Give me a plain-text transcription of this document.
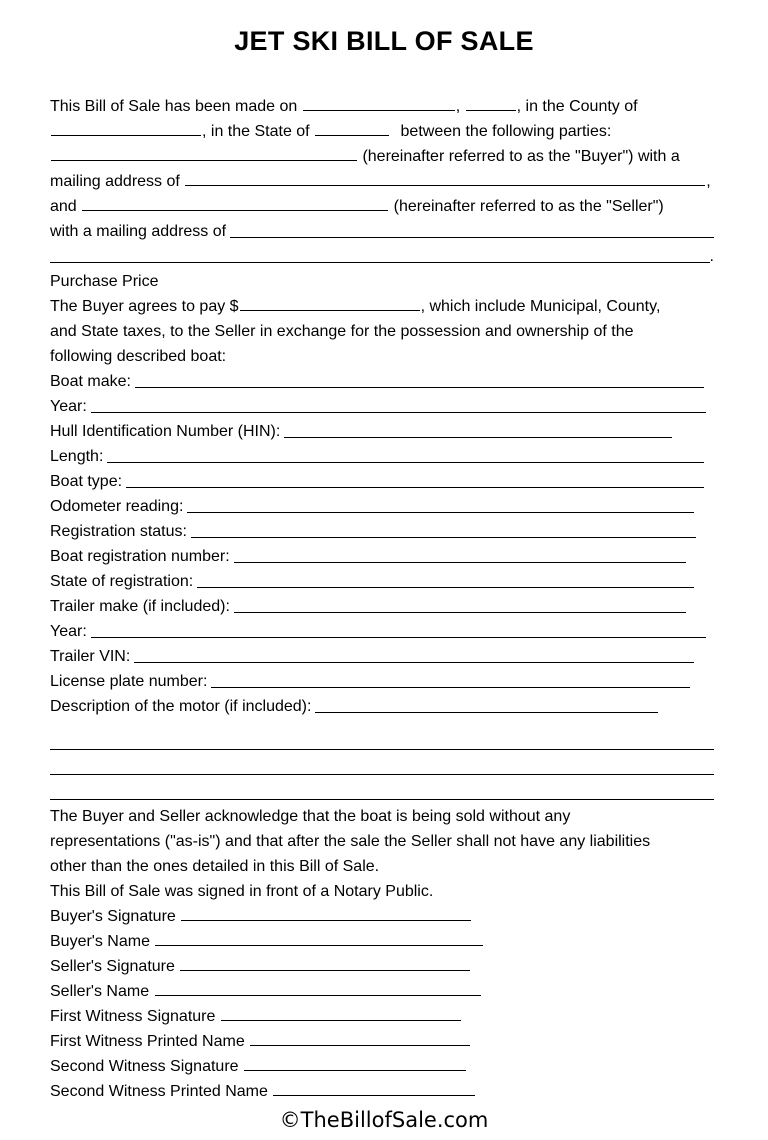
JET SKI BILL OF SALE
This Bill of Sale has been made on	,	, in the County of
, in the State of	between the following parties:
(hereinafter referred to as the "Buyer") with a
mailing address of	,
and	(hereinafter referred to as the "Seller")
with a mailing address of
.
Purchase Price
The Buyer agrees to pay $	, which include Municipal, County,
and State taxes, to the Seller in exchange for the possession and ownership of the
following described boat:
Boat make:
Year:
Hull Identification Number (HIN):
Length:
Boat type:
Odometer reading:
Registration status:
Boat registration number:
State of registration:
Trailer make (if included):
Year:
Trailer VIN:
License plate number:
Description of the motor (if included):
The Buyer and Seller acknowledge that the boat is being sold without any
representations ("as-is") and that after the sale the Seller shall not have any liabilities
other than the ones detailed in this Bill of Sale.
This Bill of Sale was signed in front of a Notary Public.
Buyer's Signature
Buyer's Name
Seller's Signature
Seller's Name
First Witness Signature
First Witness Printed Name
Second Witness Signature
Second Witness Printed Name
©TheBillofSale.com
